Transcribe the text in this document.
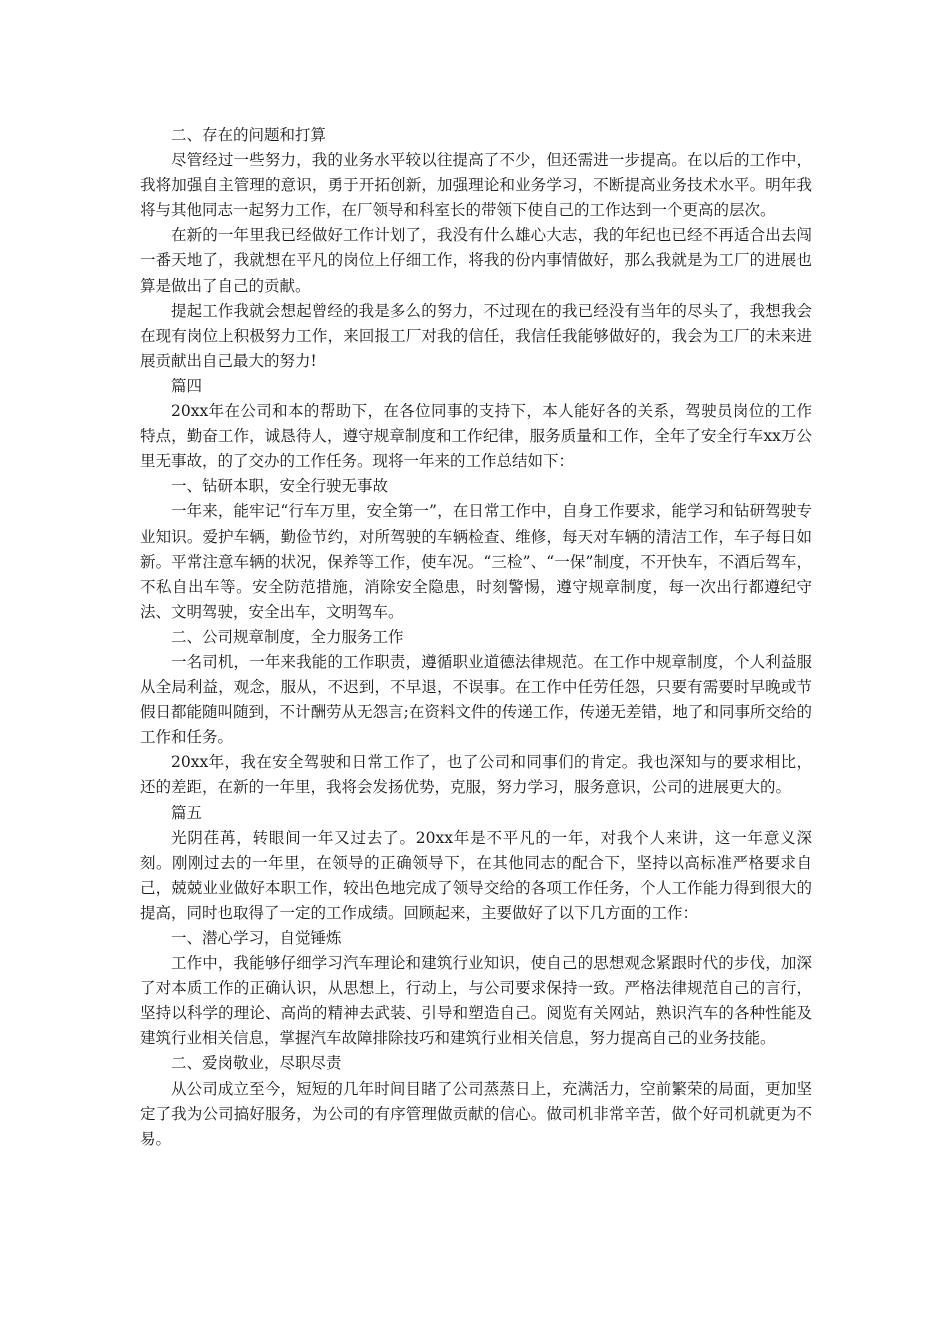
二、存在的问题和打算

尽管经过一些努力，我的业务水平较以往提高了不少，但还需进一步提高。在以后的工作中，我将加强自主管理的意识，勇于开拓创新，加强理论和业务学习，不断提高业务技术水平。明年我将与其他同志一起努力工作，在厂领导和科室长的带领下使自己的工作达到一个更高的层次。

在新的一年里我已经做好工作计划了，我没有什么雄心大志，我的年纪也已经不再适合出去闯一番天地了，我就想在平凡的岗位上仔细工作，将我的份内事情做好，那么我就是为工厂的进展也算是做出了自己的贡献。

提起工作我就会想起曾经的我是多么的努力，不过现在的我已经没有当年的尽头了，我想我会在现有岗位上积极努力工作，来回报工厂对我的信任，我信任我能够做好的，我会为工厂的未来进展贡献出自己最大的努力!

篇四

20xx年在公司和本的帮助下，在各位同事的支持下，本人能好各的关系，驾驶员岗位的工作特点，勤奋工作，诚恳待人，遵守规章制度和工作纪律，服务质量和工作，全年了安全行车xx万公里无事故，的了交办的工作任务。现将一年来的工作总结如下：

一、钻研本职，安全行驶无事故

一年来，能牢记“行车万里，安全第一”，在日常工作中，自身工作要求，能学习和钻研驾驶专业知识。爱护车辆，勤俭节约，对所驾驶的车辆检查、维修，每天对车辆的清洁工作，车子每日如新。平常注意车辆的状况，保养等工作，使车况。“三检”、“一保”制度，不开快车，不酒后驾车，不私自出车等。安全防范措施，消除安全隐患，时刻警惕，遵守规章制度，每一次出行都遵纪守法、文明驾驶，安全出车，文明驾车。

二、公司规章制度，全力服务工作

一名司机，一年来我能的工作职责，遵循职业道德法律规范。在工作中规章制度，个人利益服从全局利益，观念，服从，不迟到，不早退，不误事。在工作中任劳任怨，只要有需要时早晚或节假日都能随叫随到，不计酬劳从无怨言;在资料文件的传递工作，传递无差错，地了和同事所交给的工作和任务。

20xx年，我在安全驾驶和日常工作了，也了公司和同事们的肯定。我也深知与的要求相比，还的差距，在新的一年里，我将会发扬优势，克服，努力学习，服务意识，公司的进展更大的。

篇五

光阴荏苒，转眼间一年又过去了。20xx年是不平凡的一年，对我个人来讲，这一年意义深刻。刚刚过去的一年里，在领导的正确领导下，在其他同志的配合下，坚持以高标准严格要求自己，兢兢业业做好本职工作，较出色地完成了领导交给的各项工作任务，个人工作能力得到很大的提高，同时也取得了一定的工作成绩。回顾起来，主要做好了以下几方面的工作：

一、潜心学习，自觉锤炼

工作中，我能够仔细学习汽车理论和建筑行业知识，使自己的思想观念紧跟时代的步伐，加深了对本质工作的正确认识，从思想上，行动上，与公司要求保持一致。严格法律规范自己的言行，坚持以科学的理论、高尚的精神去武装、引导和塑造自己。阅览有关网站，熟识汽车的各种性能及建筑行业相关信息，掌握汽车故障排除技巧和建筑行业相关信息，努力提高自己的业务技能。

二、爱岗敬业，尽职尽责

从公司成立至今，短短的几年时间目睹了公司蒸蒸日上，充满活力，空前繁荣的局面，更加坚定了我为公司搞好服务，为公司的有序管理做贡献的信心。做司机非常辛苦，做个好司机就更为不易。
